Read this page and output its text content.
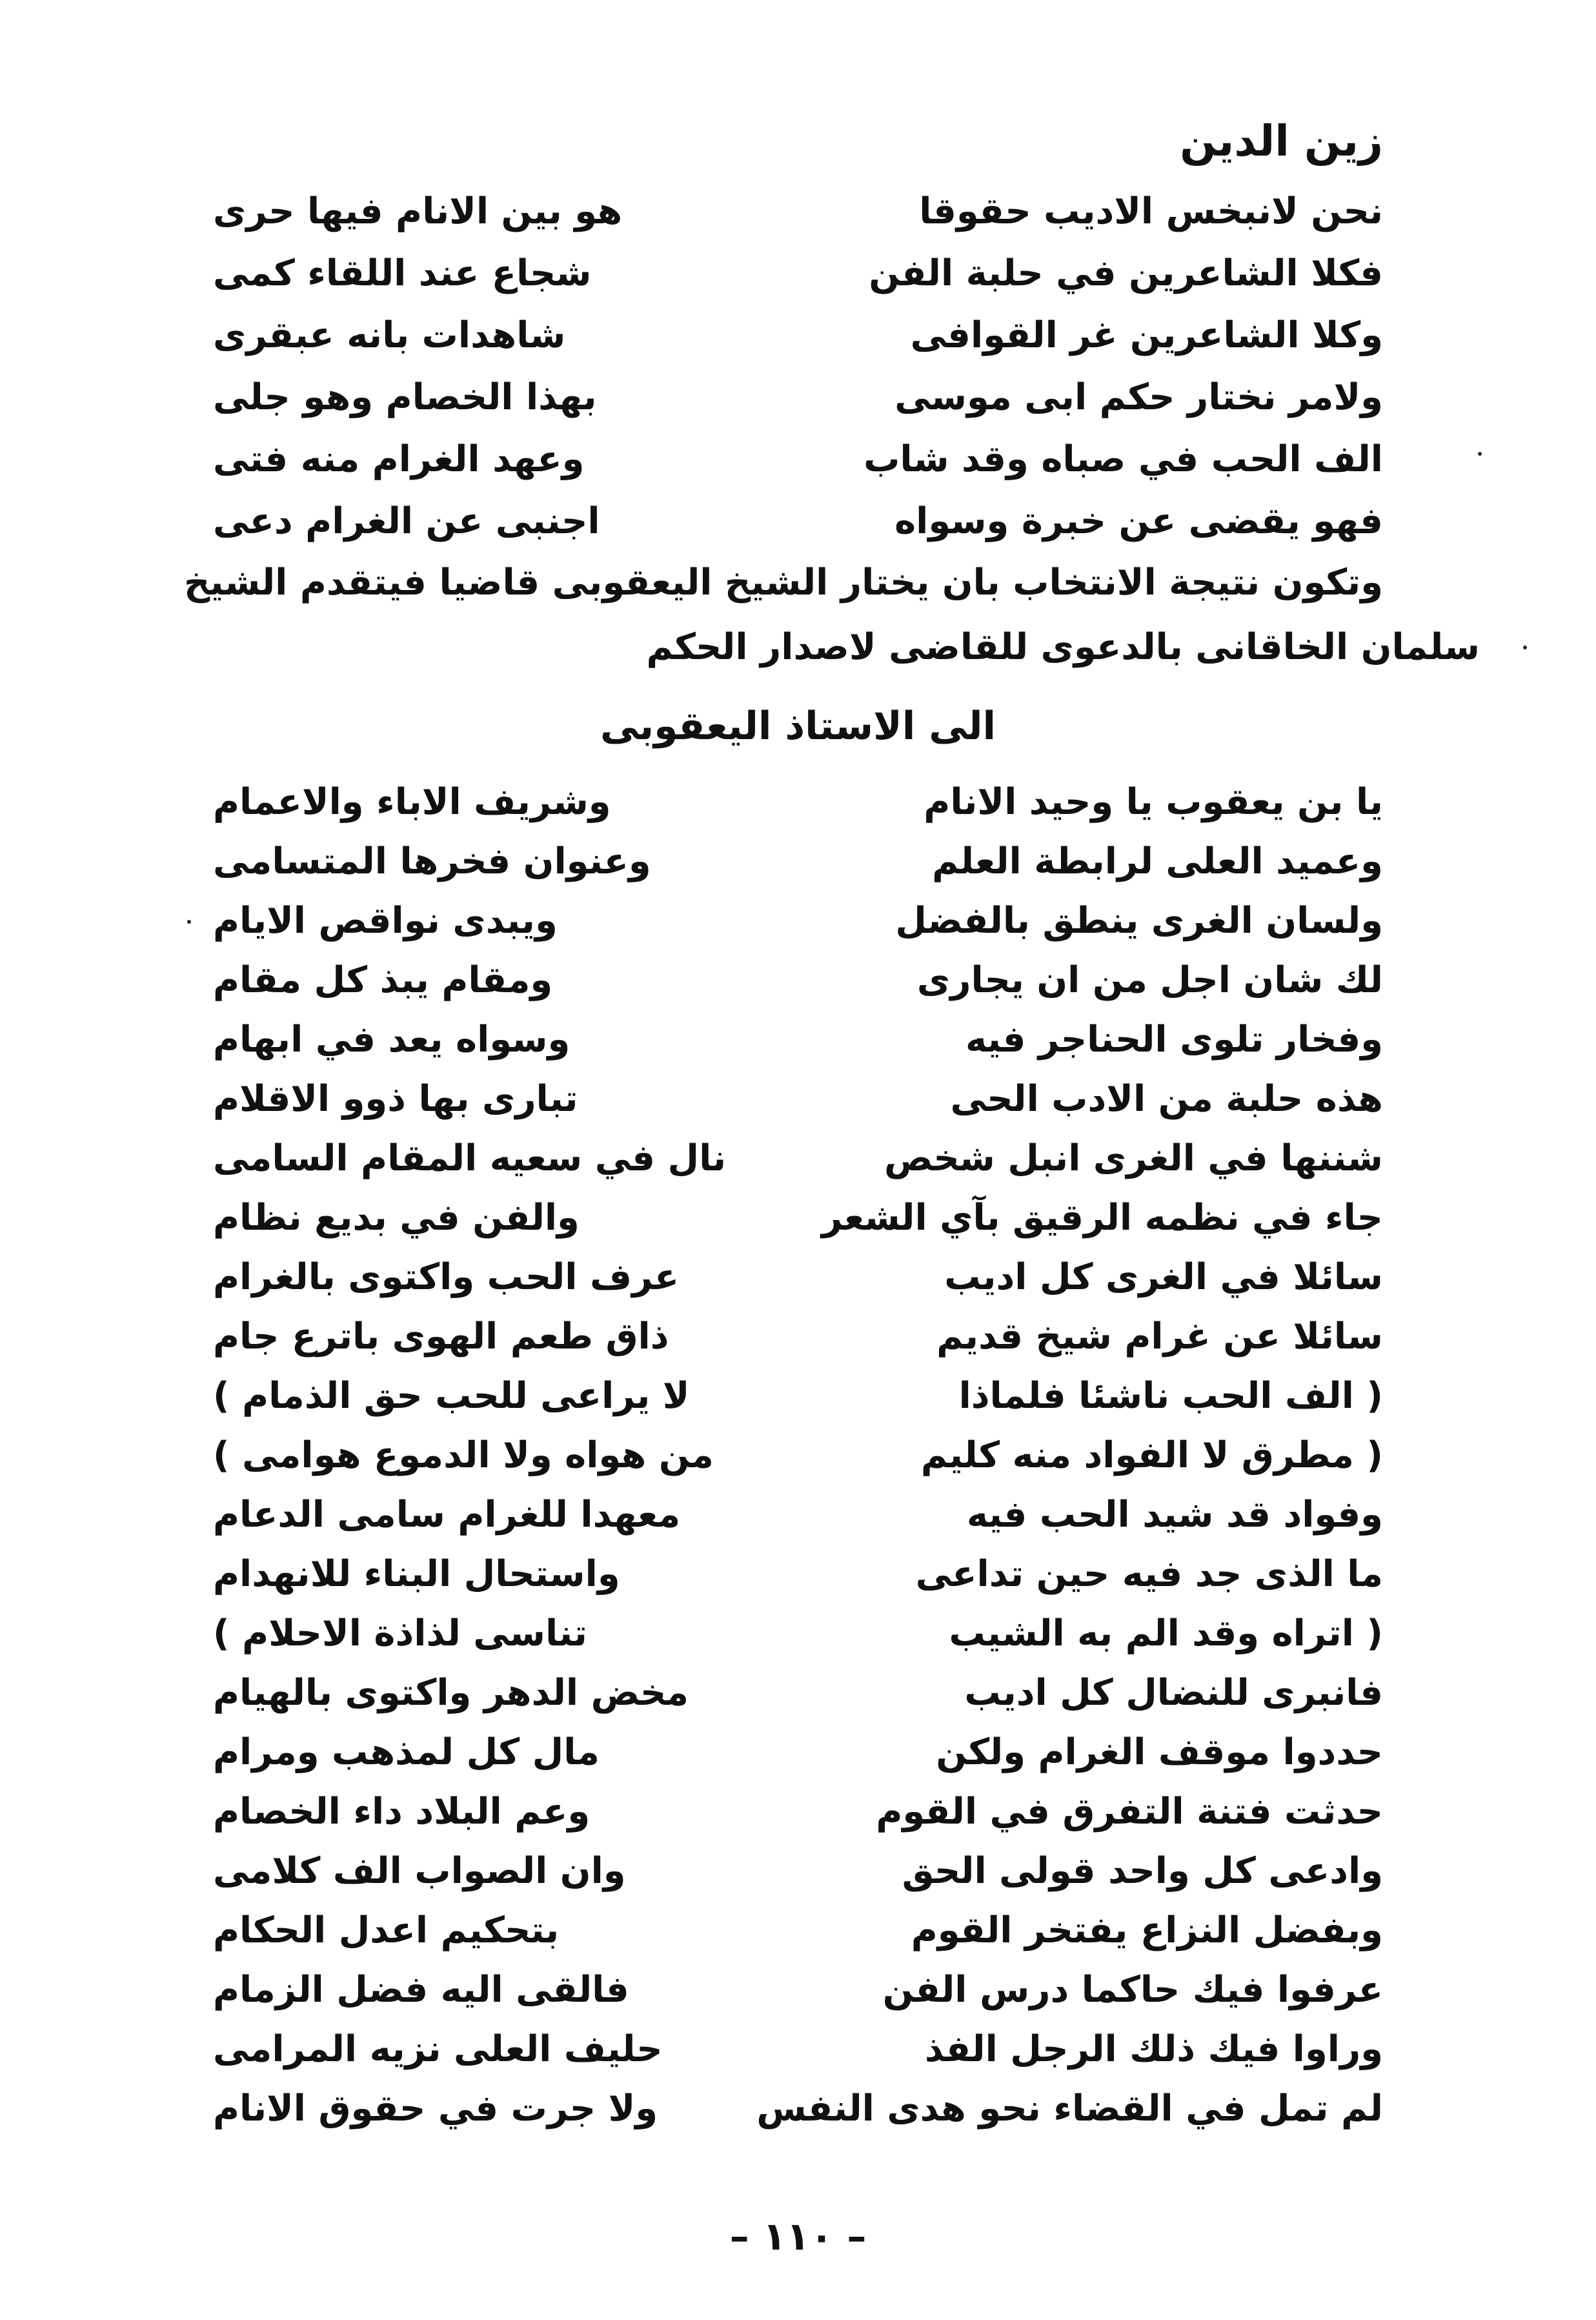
زين الدين
نحن لانبخس الاديب حقوقا
هو بين الانام فيها حرى
فكلا الشاعرين في حلبة الفن
شجاع عند اللقاء كمى
وكلا الشاعرين غر القوافى
شاهدات بانه عبقرى
ولامر نختار حكم ابى موسى
بهذا الخصام وهو جلى
الف الحب في صباه وقد شاب
وعهد الغرام منه فتى
فهو يقضى عن خبرة وسواه
اجنبى عن الغرام دعى
وتكون نتيجة الانتخاب بان يختار الشيخ اليعقوبى قاضيا فيتقدم الشيخ
سلمان الخاقانى بالدعوى للقاضى لاصدار الحكم
الى الاستاذ اليعقوبى
يا بن يعقوب يا وحيد الانام
وشريف الاباء والاعمام
وعميد العلى لرابطة العلم
وعنوان فخرها المتسامى
ولسان الغرى ينطق بالفضل
ويبدى نواقص الايام
لك شان اجل من ان يجارى
ومقام يبذ كل مقام
وفخار تلوى الحناجر فيه
وسواه يعد في ابهام
هذه حلبة من الادب الحى
تبارى بها ذوو الاقلام
شننها في الغرى انبل شخص
نال في سعيه المقام السامى
جاء في نظمه الرقيق بآي الشعر
والفن في بديع نظام
سائلا في الغرى كل اديب
عرف الحب واكتوى بالغرام
سائلا عن غرام شيخ قديم
ذاق طعم الهوى باترع جام
( الف الحب ناشئا فلماذا
لا يراعى للحب حق الذمام )
( مطرق لا الفواد منه كليم
من هواه ولا الدموع هوامى )
وفواد قد شيد الحب فيه
معهدا للغرام سامى الدعام
ما الذى جد فيه حين تداعى
واستحال البناء للانهدام
( اتراه وقد الم به الشيب
تناسى لذاذة الاحلام )
فانبرى للنضال كل اديب
مخض الدهر واكتوى بالهيام
حددوا موقف الغرام ولكن
مال كل لمذهب ومرام
حدثت فتنة التفرق في القوم
وعم البلاد داء الخصام
وادعى كل واحد قولى الحق
وان الصواب الف كلامى
وبفضل النزاع يفتخر القوم
بتحكيم اعدل الحكام
عرفوا فيك حاكما درس الفن
فالقى اليه فضل الزمام
وراوا فيك ذلك الرجل الفذ
حليف العلى نزيه المرامى
لم تمل في القضاء نحو هدى النفس
ولا جرت في حقوق الانام
– ١١٠ –
